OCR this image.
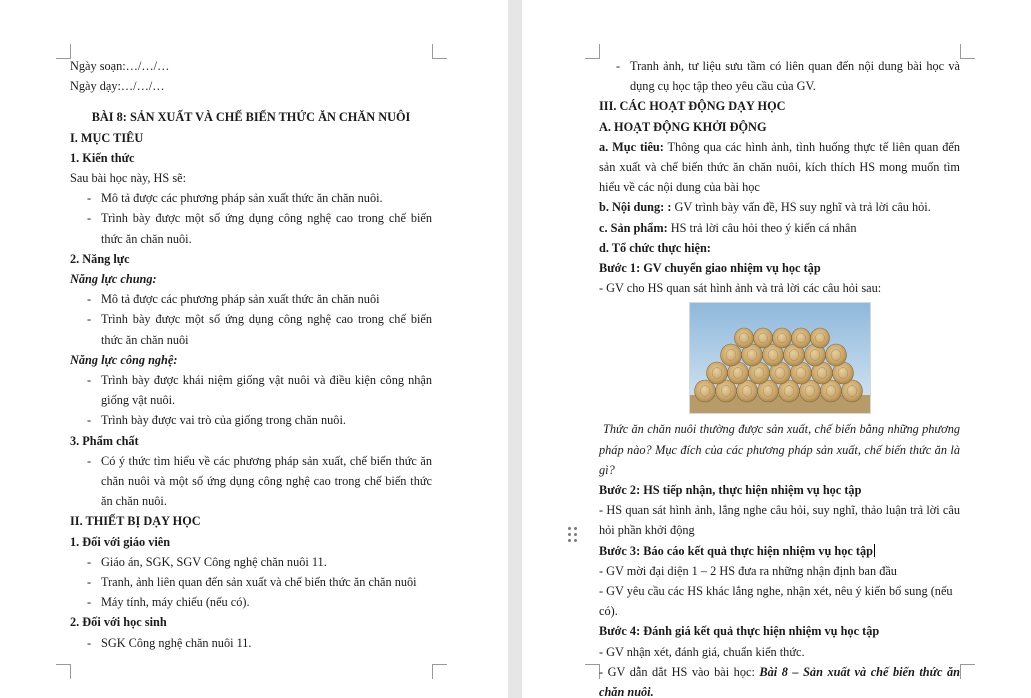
Ngày soạn:…/…/…
Ngày dạy:…/…/…
BÀI 8: SẢN XUẤT VÀ CHẾ BIẾN THỨC ĂN CHĂN NUÔI
I. MỤC TIÊU
1. Kiến thức
Sau bài học này, HS sẽ:
- Mô tả được các phương pháp sản xuất thức ăn chăn nuôi.
- Trình bày được một số ứng dụng công nghệ cao trong chế biến thức ăn chăn nuôi.
2. Năng lực
Năng lực chung:
- Mô tả được các phương pháp sản xuất thức ăn chăn nuôi
- Trình bày được một số ứng dụng công nghệ cao trong chế biến thức ăn chăn nuôi
Năng lực công nghệ:
- Trình bày được khái niệm giống vật nuôi và điều kiện công nhận giống vật nuôi.
- Trình bày được vai trò của giống trong chăn nuôi.
3. Phẩm chất
- Có ý thức tìm hiểu về các phương pháp sản xuất, chế biến thức ăn chăn nuôi và một số ứng dụng công nghệ cao trong chế biến thức ăn chăn nuôi.
II. THIẾT BỊ DẠY HỌC
1. Đối với giáo viên
- Giáo án, SGK, SGV Công nghệ chăn nuôi 11.
- Tranh, ảnh liên quan đến sản xuất và chế biến thức ăn chăn nuôi
- Máy tính, máy chiếu (nếu có).
2. Đối với học sinh
- SGK Công nghệ chăn nuôi 11.
- Tranh ảnh, tư liệu sưu tầm có liên quan đến nội dung bài học và dụng cụ học tập theo yêu cầu của GV.
III. CÁC HOẠT ĐỘNG DẠY HỌC
A. HOẠT ĐỘNG KHỞI ĐỘNG
a. Mục tiêu: Thông qua các hình ảnh, tình huống thực tế liên quan đến sản xuất và chế biến thức ăn chăn nuôi, kích thích HS mong muốn tìm hiểu về các nội dung của bài học
b. Nội dung: : GV trình bày vấn đề, HS suy nghĩ và trả lời câu hỏi.
c. Sản phẩm: HS trả lời câu hỏi theo ý kiến cá nhân
d. Tổ chức thực hiện:
Bước 1: GV chuyển giao nhiệm vụ học tập
- GV cho HS quan sát hình ảnh và trả lời các câu hỏi sau:
Thức ăn chăn nuôi thường được sản xuất, chế biến bằng những phương pháp nào? Mục đích của các phương pháp sản xuất, chế biến thức ăn là gì?
Bước 2: HS tiếp nhận, thực hiện nhiệm vụ học tập
- HS quan sát hình ảnh, lắng nghe câu hỏi, suy nghĩ, thảo luận trả lời câu hỏi phần khởi động
Bước 3: Báo cáo kết quả thực hiện nhiệm vụ học tập
- GV mời đại diện 1 – 2 HS đưa ra những nhận định ban đầu
- GV yêu cầu các HS khác lắng nghe, nhận xét, nêu ý kiến bổ sung (nếu có).
Bước 4: Đánh giá kết quả thực hiện nhiệm vụ học tập
- GV nhận xét, đánh giá, chuẩn kiến thức.
- GV dẫn dắt HS vào bài học: Bài 8 – Sản xuất và chế biến thức ăn chăn nuôi.
